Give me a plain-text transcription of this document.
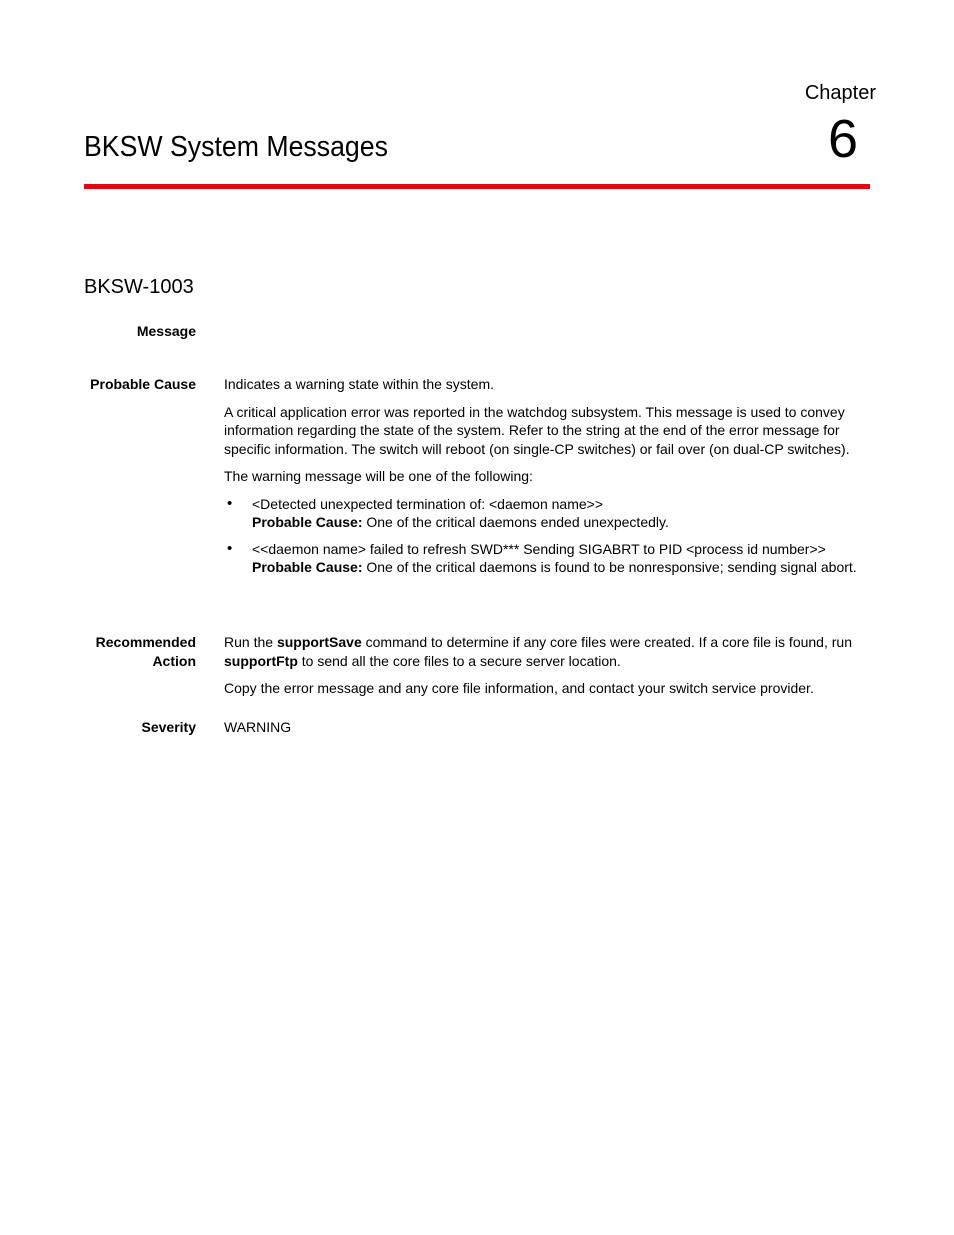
Chapter
6
BKSW System Messages
BKSW-1003
Message
Probable Cause Indicates a warning state within the system.

A critical application error was reported in the watchdog subsystem. This message is used to convey information regarding the state of the system. Refer to the string at the end of the error message for specific information. The switch will reboot (on single-CP switches) or fail over (on dual-CP switches).

The warning message will be one of the following:

• <Detected unexpected termination of: <daemon name>>
Probable Cause: One of the critical daemons ended unexpectedly.
• <<daemon name> failed to refresh SWD*** Sending SIGABRT to PID <process id number>>
Probable Cause: One of the critical daemons is found to be nonresponsive; sending signal abort.
Recommended
Action

Run the supportSave command to determine if any core files were created. If a core file is found, run supportFtp to send all the core files to a secure server location.

Copy the error message and any core file information, and contact your switch service provider.

Severity WARNING
